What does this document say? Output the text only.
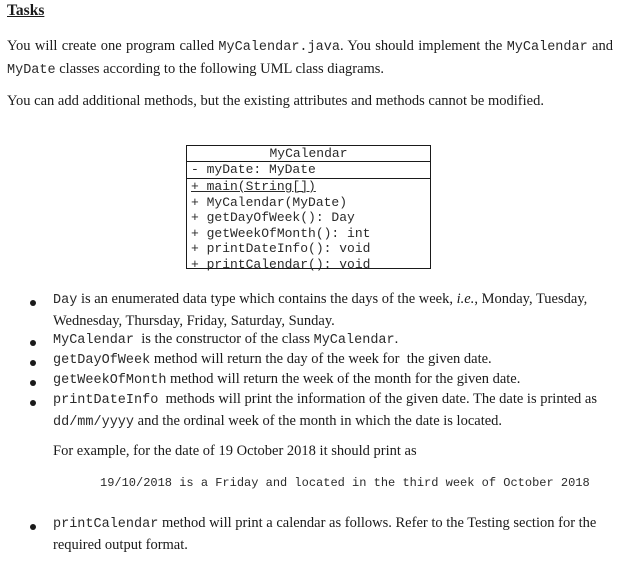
Tasks
You will create one program called MyCalendar.java. You should implement the MyCalendar and MyDate classes according to the following UML class diagrams.
You can add additional methods, but the existing attributes and methods cannot be modified.
MyCalendar
- myDate: MyDate
+ main(String[])
+ MyCalendar(MyDate)
+ getDayOfWeek(): Day
+ getWeekOfMonth(): int
+ printDateInfo(): void
+ printCalendar(): void
Day is an enumerated data type which contains the days of the week, i.e., Monday, Tuesday, Wednesday, Thursday, Friday, Saturday, Sunday.
MyCalendar  is the constructor of the class MyCalendar.
getDayOfWeek method will return the day of the week for  the given date.
getWeekOfMonth method will return the week of the month for the given date.
printDateInfo  methods will print the information of the given date. The date is printed as dd/mm/yyyy and the ordinal week of the month in which the date is located.
For example, for the date of 19 October 2018 it should print as
19/10/2018 is a Friday and located in the third week of October 2018
printCalendar method will print a calendar as follows. Refer to the Testing section for the required output format.
